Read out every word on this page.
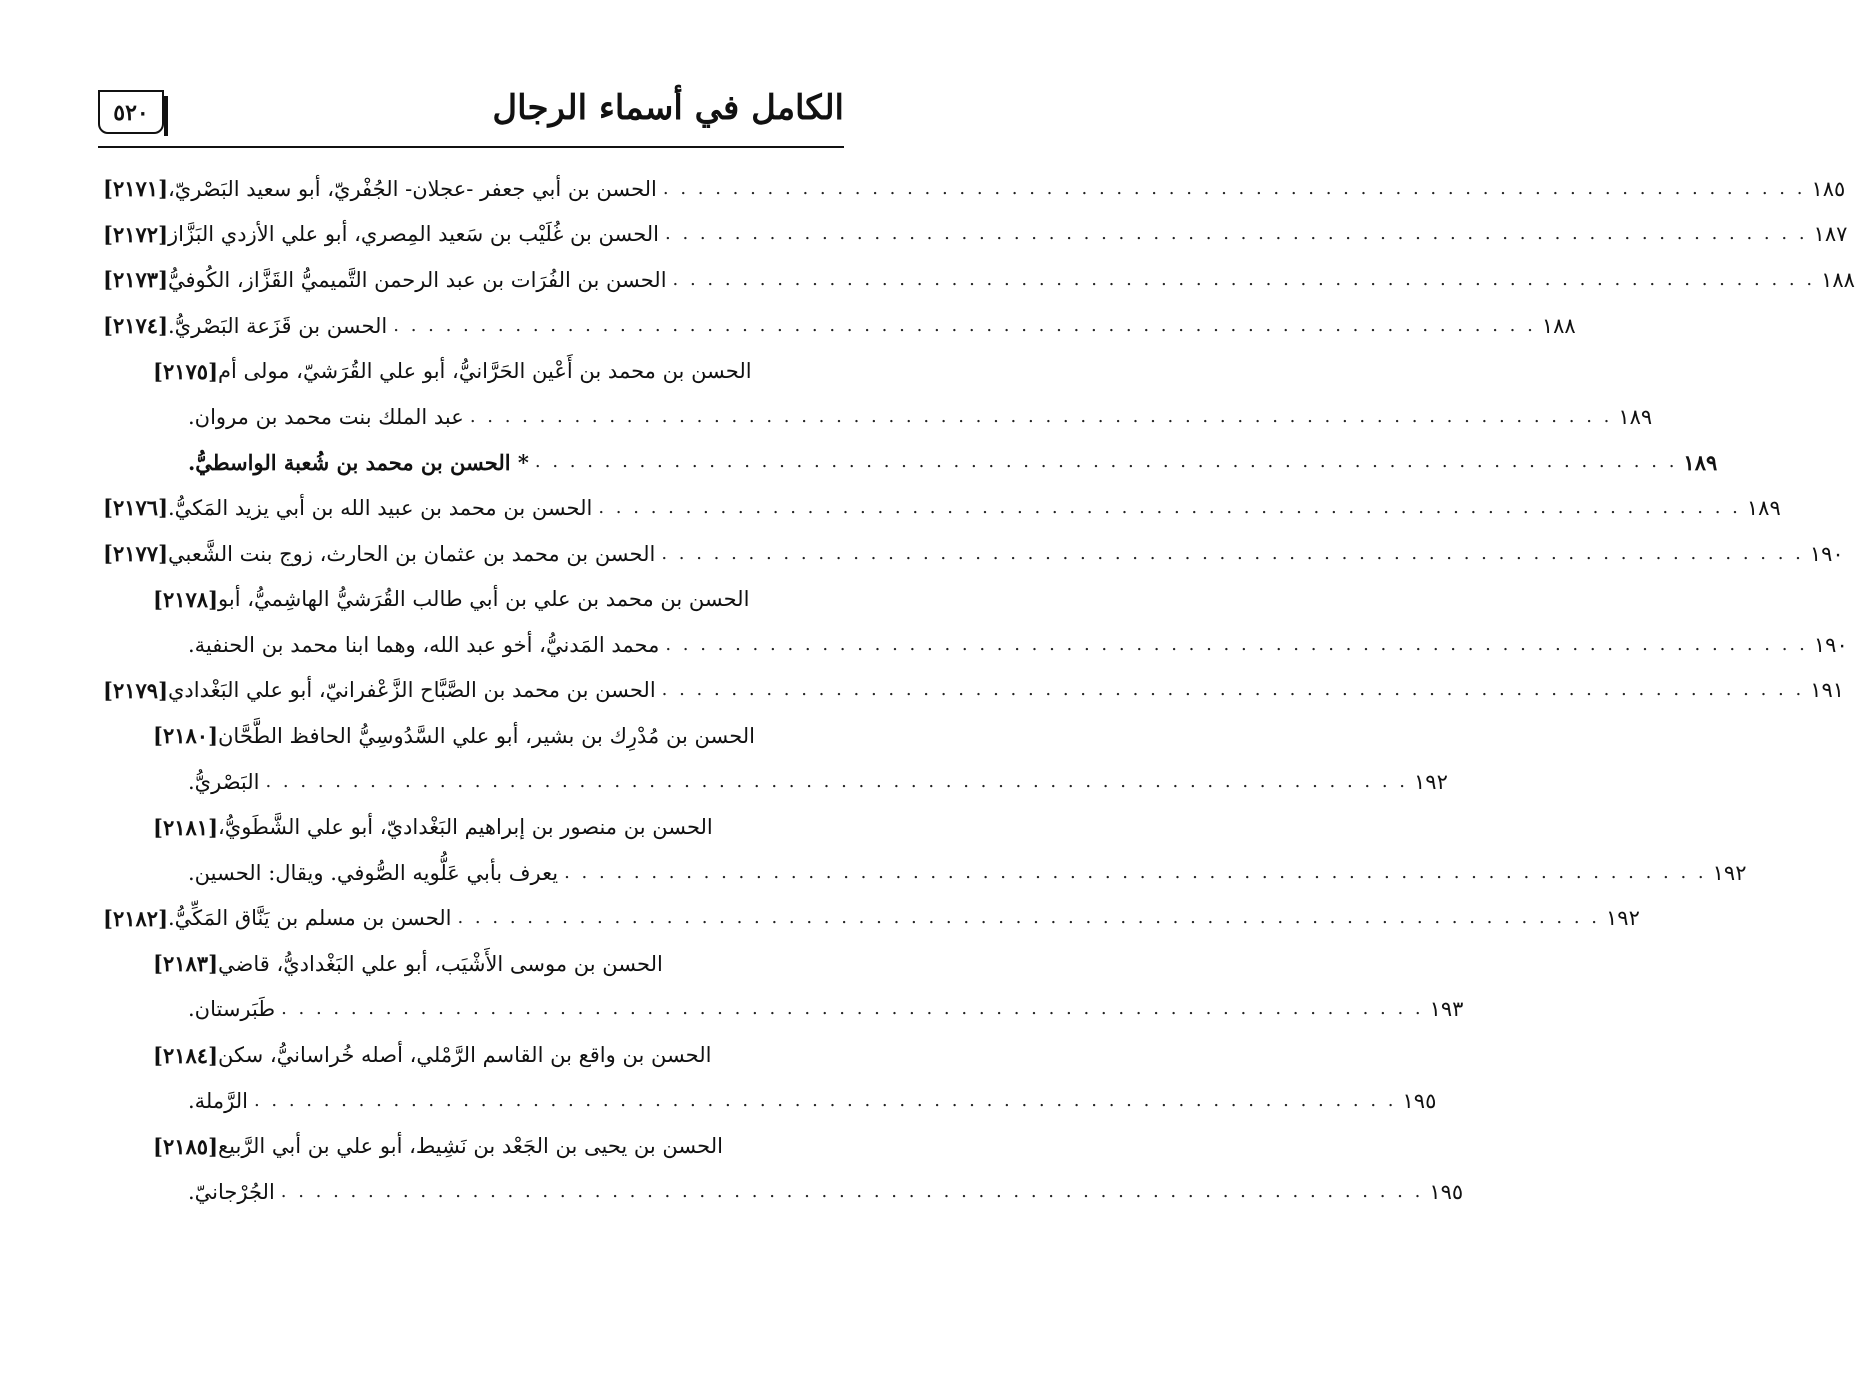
الكامل في أسماء الرجال
٥٢٠
[٢١٧١] الحسن بن أبي جعفر -عجلان- الجُفْريّ، أبو سعيد البَصْريّ، . . . . . . . . . . . . . . . . . . . . . . . . . . . . . . . . . . . . . . . . . . . . . . . . . . . . . . . . . . . . . . . . . . ١٨٥
[٢١٧٢] الحسن بن غُلَيْب بن سَعيد المِصري، أبو علي الأزدي البَزَّاز . . . . . . . . . . . . . . . . . . . . . . . . . . . . . . . . . . . . . . . . . . . . . . . . . . . . . . . . . . . . . . . . . . ١٨٧
[٢١٧٣] الحسن بن الفُرَات بن عبد الرحمن التَّميميُّ القَزَّاز، الكُوفيُّ . . . . . . . . . . . . . . . . . . . . . . . . . . . . . . . . . . . . . . . . . . . . . . . . . . . . . . . . . . . . . . . . . . ١٨٨
[٢١٧٤] الحسن بن قَزَعة البَصْريُّ. . . . . . . . . . . . . . . . . . . . . . . . . . . . . . . . . . . . . . . . . . . . . . . . . . . . . . . . . . . . . . . . . . . ١٨٨
[٢١٧٥] الحسن بن محمد بن أَعْين الحَرَّانيُّ، أبو علي القُرَشيّ، مولى أم
عبد الملك بنت محمد بن مروان. . . . . . . . . . . . . . . . . . . . . . . . . . . . . . . . . . . . . . . . . . . . . . . . . . . . . . . . . . . . . . . . . . . ١٨٩
* الحسن بن محمد بن شُعبة الواسطيُّ. . . . . . . . . . . . . . . . . . . . . . . . . . . . . . . . . . . . . . . . . . . . . . . . . . . . . . . . . . . . . . . . . . . ١٨٩
[٢١٧٦] الحسن بن محمد بن عبيد الله بن أبي يزيد المَكيُّ. . . . . . . . . . . . . . . . . . . . . . . . . . . . . . . . . . . . . . . . . . . . . . . . . . . . . . . . . . . . . . . . . . . ١٨٩
[٢١٧٧] الحسن بن محمد بن عثمان بن الحارث، زوج بنت الشَّعبي . . . . . . . . . . . . . . . . . . . . . . . . . . . . . . . . . . . . . . . . . . . . . . . . . . . . . . . . . . . . . . . . . . ١٩٠
[٢١٧٨] الحسن بن محمد بن علي بن أبي طالب القُرَشيُّ الهاشِميُّ، أبو
محمد المَدنيُّ، أخو عبد الله، وهما ابنا محمد بن الحنفية. . . . . . . . . . . . . . . . . . . . . . . . . . . . . . . . . . . . . . . . . . . . . . . . . . . . . . . . . . . . . . . . . . . ١٩٠
[٢١٧٩] الحسن بن محمد بن الصَّبَّاح الزَّعْفرانيّ، أبو علي البَغْدادي . . . . . . . . . . . . . . . . . . . . . . . . . . . . . . . . . . . . . . . . . . . . . . . . . . . . . . . . . . . . . . . . . . ١٩١
[٢١٨٠] الحسن بن مُدْرِك بن بشير، أبو علي السَّدُوسِيُّ الحافظ الطَّحَّان
البَصْريُّ. . . . . . . . . . . . . . . . . . . . . . . . . . . . . . . . . . . . . . . . . . . . . . . . . . . . . . . . . . . . . . . . . . . ١٩٢
[٢١٨١] الحسن بن منصور بن إبراهيم البَغْداديّ، أبو علي الشَّطَويُّ،
يعرف بأبي عَلُّويه الصُّوفي. ويقال: الحسين. . . . . . . . . . . . . . . . . . . . . . . . . . . . . . . . . . . . . . . . . . . . . . . . . . . . . . . . . . . . . . . . . . . ١٩٢
[٢١٨٢] الحسن بن مسلم بن يَنَّاق المَكِّيُّ. . . . . . . . . . . . . . . . . . . . . . . . . . . . . . . . . . . . . . . . . . . . . . . . . . . . . . . . . . . . . . . . . . . ١٩٢
[٢١٨٣] الحسن بن موسى الأَشْيَب، أبو علي البَغْداديُّ، قاضي
طَبَرستان. . . . . . . . . . . . . . . . . . . . . . . . . . . . . . . . . . . . . . . . . . . . . . . . . . . . . . . . . . . . . . . . . . . ١٩٣
[٢١٨٤] الحسن بن واقع بن القاسم الرَّمْلي، أصله خُراسانيُّ، سكن
الرَّملة. . . . . . . . . . . . . . . . . . . . . . . . . . . . . . . . . . . . . . . . . . . . . . . . . . . . . . . . . . . . . . . . . . . ١٩٥
[٢١٨٥] الحسن بن يحيى بن الجَعْد بن نَشِيط، أبو علي بن أبي الرَّبيع
الجُرْجانيّ. . . . . . . . . . . . . . . . . . . . . . . . . . . . . . . . . . . . . . . . . . . . . . . . . . . . . . . . . . . . . . . . . . . ١٩٥
